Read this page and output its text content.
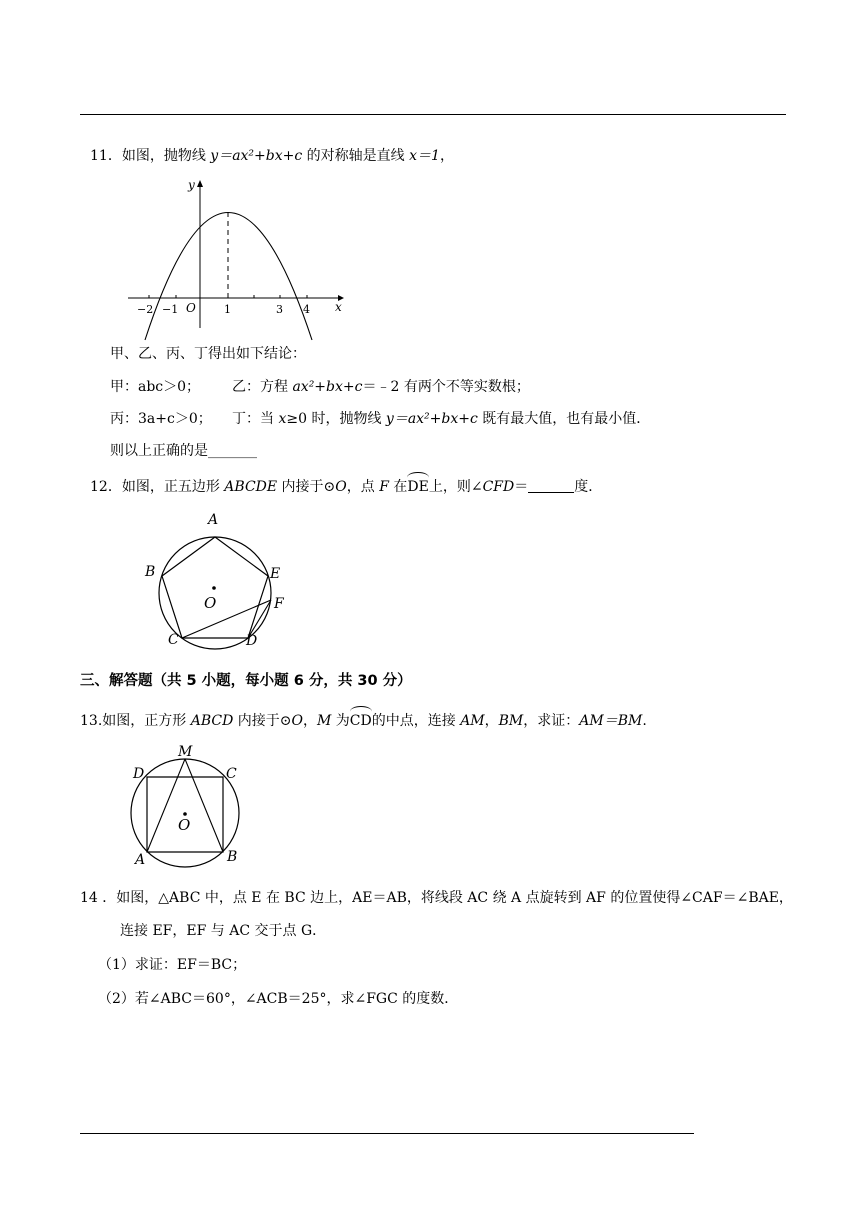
11．如图，抛物线 y＝ax²+bx+c 的对称轴是直线 x＝1，
y
x
O
−2 −1	1	3 4
甲、乙、丙、丁得出如下结论：
甲：abc＞0； 乙：方程 ax²+bx+c＝﹣2 有两个不等实数根；
丙：3a+c＞0； 丁：当 x≥0 时，抛物线 y＝ax²+bx+c 既有最大值，也有最小值．
则以上正确的是_______
12．如图，正五边形 ABCDE 内接于⊙O，点 F 在DE上，则∠CFD＝	度．
A
B
C	D
E
F
O
三、解答题（共 5 小题，每小题 6 分，共 30 分）
13.如图，正方形 ABCD 内接于⊙O，M 为CD的中点，连接 AM，BM，求证：AM＝BM.
M
D	C
A	B
O
14 ．如图，△ABC 中，点 E 在 BC 边上，AE＝AB，将线段 AC 绕 A 点旋转到 AF 的位置使得∠CAF＝∠BAE，
连接 EF，EF 与 AC 交于点 G．
（1）求证：EF＝BC；
（2）若∠ABC＝60°，∠ACB＝25°，求∠FGC 的度数．
